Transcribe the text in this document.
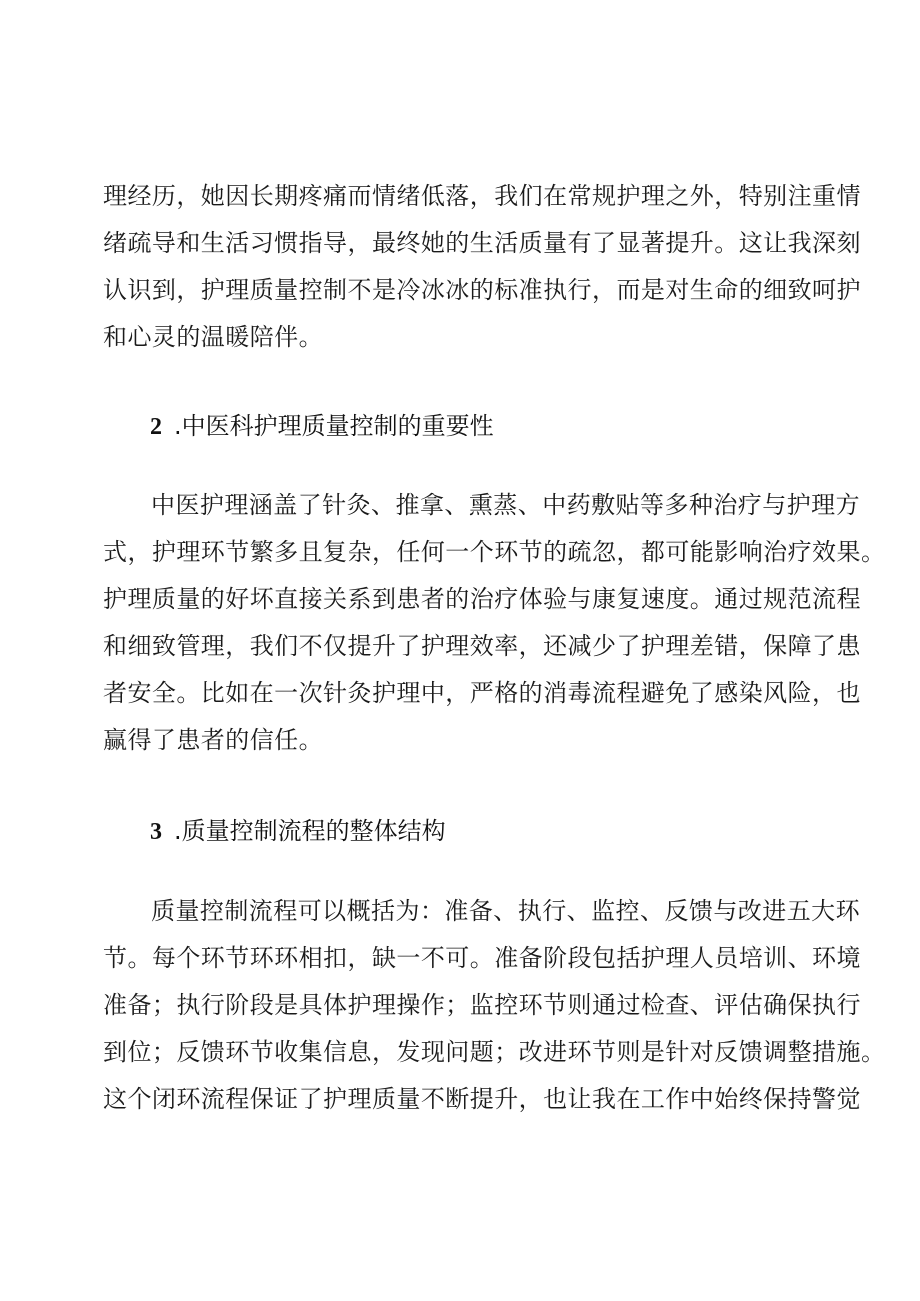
理经历，她因长期疼痛而情绪低落，我们在常规护理之外，特别注重情
绪疏导和生活习惯指导，最终她的生活质量有了显著提升。这让我深刻
认识到，护理质量控制不是冷冰冰的标准执行，而是对生命的细致呵护
和心灵的温暖陪伴。
2 .中医科护理质量控制的重要性
中医护理涵盖了针灸、推拿、熏蒸、中药敷贴等多种治疗与护理方
式，护理环节繁多且复杂，任何一个环节的疏忽，都可能影响治疗效果。
护理质量的好坏直接关系到患者的治疗体验与康复速度。通过规范流程
和细致管理，我们不仅提升了护理效率，还减少了护理差错，保障了患
者安全。比如在一次针灸护理中，严格的消毒流程避免了感染风险，也
赢得了患者的信任。
3 .质量控制流程的整体结构
质量控制流程可以概括为：准备、执行、监控、反馈与改进五大环
节。每个环节环环相扣，缺一不可。准备阶段包括护理人员培训、环境
准备；执行阶段是具体护理操作；监控环节则通过检查、评估确保执行
到位；反馈环节收集信息，发现问题；改进环节则是针对反馈调整措施。
这个闭环流程保证了护理质量不断提升，也让我在工作中始终保持警觉
